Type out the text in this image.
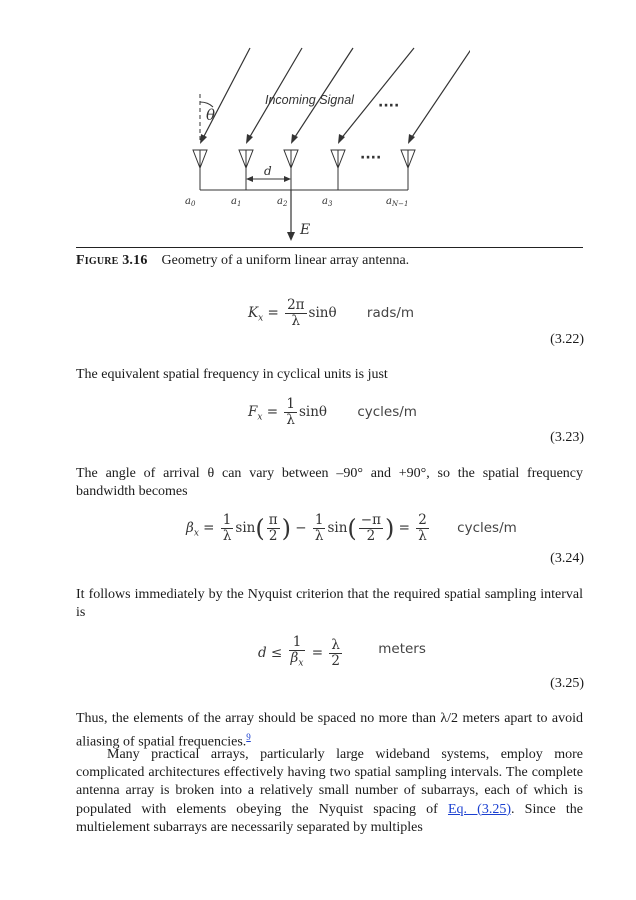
θ
Incoming Signal ····
····
d
E
$a_0$	$a_1$	$a_2$	$a_3$	$a_{N-1}$
Figure 3.16 Geometry of a uniform linear array antenna.
$K_x = \frac{2\pi}{\lambda}$ sinθ rads/m
(3.22)
The equivalent spatial frequency in cyclical units is just
$F_x = \frac{1}{\lambda}$ sinθ cycles/m
(3.23)
The angle of arrival θ can vary between –90° and +90°, so the spatial frequency bandwidth becomes
$\beta_x = \frac{1}{\lambda} \sin( \frac{\pi}{2}$ ) − $\frac{1}{\lambda} \sin( \frac{-\pi}{2}$ ) = $\frac{2}{\lambda}$ cycles/m
(3.24)
It follows immediately by the Nyquist criterion that the required spatial sampling interval is
$d \le \frac{1}{\beta_x} = \frac{\lambda}{2}$	meters
(3.25)
Thus, the elements of the array should be spaced no more than λ/2 meters apart to avoid aliasing of spatial frequencies.$^9$
Many practical arrays, particularly large wideband systems, employ more complicated architectures effectively having two spatial sampling intervals. The complete antenna array is broken into a relatively small number of subarrays, each of which is populated with elements obeying the Nyquist spacing of Eq. (3.25). Since the multielement subarrays are necessarily separated by multiples
